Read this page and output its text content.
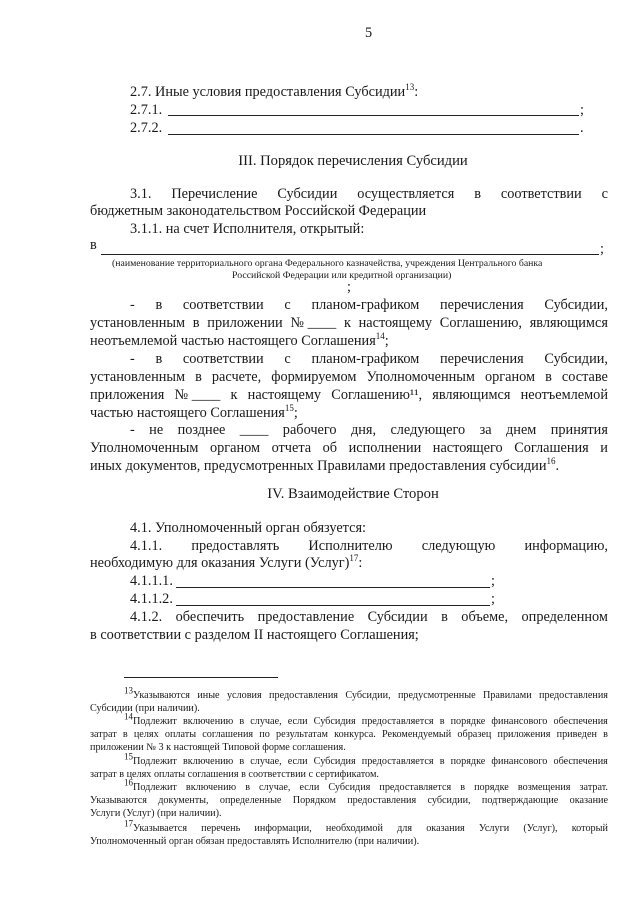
5
2.7. Иные условия предоставления Субсидии$^{13}$:
2.7.1.	;
2.7.2.	.
III. Порядок перечисления Субсидии
3.1. Перечисление Субсидии осуществляется в соответствии с
бюджетным законодательством Российской Федерации
3.1.1. на счет Исполнителя, открытый:
в	;
(наименование территориального органа Федерального казначейства, учреждения Центрального банка
Российской Федерации или кредитной организации)
;
- в соответствии с планом-графиком перечисления Субсидии,
установленным в приложении № ____ к настоящему Соглашению, являющимся
неотъемлемой частью настоящего Соглашения$^{14}$;
- в соответствии с планом-графиком перечисления Субсидии,
установленным в расчете, формируемом Уполномоченным органом в составе
приложения № ____ к настоящему Соглашению¹¹, являющимся неотъемлемой
частью настоящего Соглашения$^{15}$;
- не позднее ____ рабочего дня, следующего за днем принятия
Уполномоченным органом отчета об исполнении настоящего Соглашения и
иных документов, предусмотренных Правилами предоставления субсидии$^{16}$.
IV. Взаимодействие Сторон
4.1. Уполномоченный орган обязуется:
4.1.1. предоставлять Исполнителю следующую информацию,
необходимую для оказания Услуги (Услуг)$^{17}$:
4.1.1.1.	;
4.1.1.2.	;
4.1.2. обеспечить предоставление Субсидии в объеме, определенном
в соответствии с разделом II настоящего Соглашения;
$^{13}$Указываются иные условия предоставления Субсидии, предусмотренные Правилами предоставления
Субсидии (при наличии).
$^{14}$Подлежит включению в случае, если Субсидия предоставляется в порядке финансового обеспечения
затрат в целях оплаты соглашения по результатам конкурса. Рекомендуемый образец приложения приведен в
приложении № 3 к настоящей Типовой форме соглашения.
$^{15}$Подлежит включению в случае, если Субсидия предоставляется в порядке финансового обеспечения
затрат в целях оплаты соглашения в соответствии с сертификатом.
$^{16}$Подлежит включению в случае, если Субсидия предоставляется в порядке возмещения затрат.
Указываются документы, определенные Порядком предоставления субсидии, подтверждающие оказание
Услуги (Услуг) (при наличии).
$^{17}$Указывается перечень информации, необходимой для оказания Услуги (Услуг), который
Уполномоченный орган обязан предоставлять Исполнителю (при наличии).
